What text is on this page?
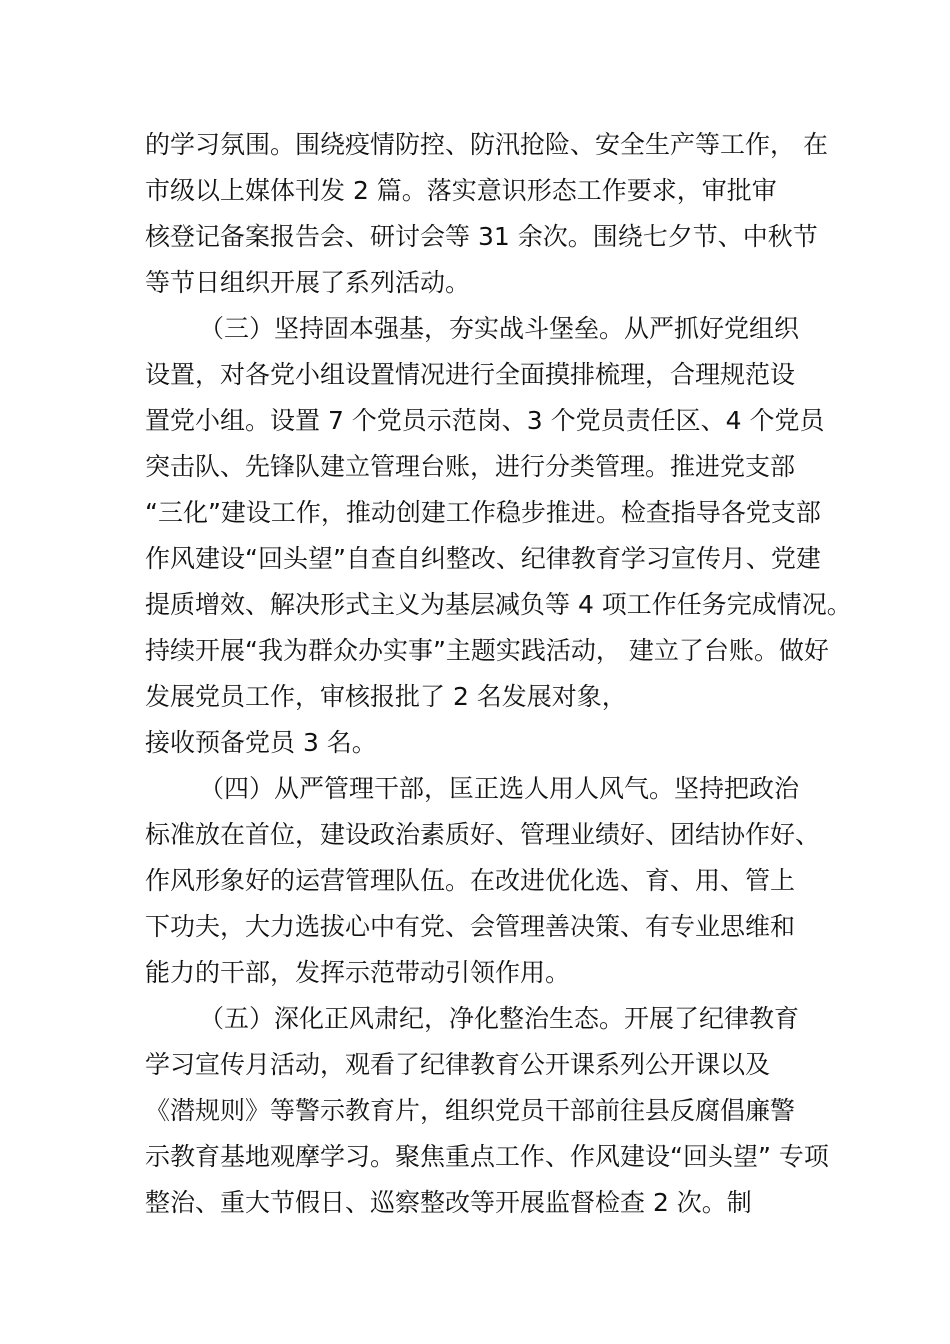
的学习氛围。围绕疫情防控、防汛抢险、安全生产等工作， 在
市级以上媒体刊发 2 篇。落实意识形态工作要求，审批审
核登记备案报告会、研讨会等 31 余次。围绕七夕节、中秋节
等节日组织开展了系列活动。
（三）坚持固本强基，夯实战斗堡垒。从严抓好党组织
设置，对各党小组设置情况进行全面摸排梳理，合理规范设
置党小组。设置 7 个党员示范岗、3 个党员责任区、4 个党员
突击队、先锋队建立管理台账，进行分类管理。推进党支部
“三化”建设工作，推动创建工作稳步推进。检查指导各党支部
作风建设“回头望”自查自纠整改、纪律教育学习宣传月、党建
提质增效、解决形式主义为基层减负等 4 项工作任务完成情况。
持续开展“我为群众办实事”主题实践活动， 建立了台账。做好
发展党员工作，审核报批了 2 名发展对象，
接收预备党员 3 名。
（四）从严管理干部，匡正选人用人风气。坚持把政治
标准放在首位，建设政治素质好、管理业绩好、团结协作好、
作风形象好的运营管理队伍。在改进优化选、育、用、管上
下功夫，大力选拔心中有党、会管理善决策、有专业思维和
能力的干部，发挥示范带动引领作用。
（五）深化正风肃纪，净化整治生态。开展了纪律教育
学习宣传月活动，观看了纪律教育公开课系列公开课以及
《潜规则》等警示教育片，组织党员干部前往县反腐倡廉警
示教育基地观摩学习。聚焦重点工作、作风建设“回头望” 专项
整治、重大节假日、巡察整改等开展监督检查 2 次。制
